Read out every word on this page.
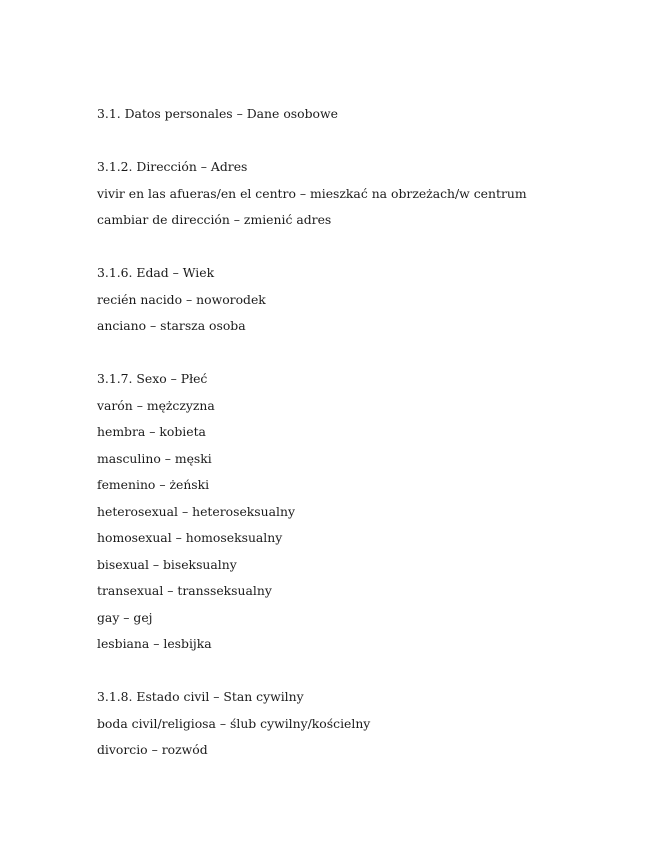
3.1. Datos personales – Dane osobowe
3.1.2. Dirección – Adres
vivir en las afueras/en el centro – mieszkać na obrzeżach/w centrum
cambiar de dirección – zmienić adres
3.1.6. Edad – Wiek
recién nacido – noworodek
anciano – starsza osoba
3.1.7. Sexo – Płeć
varón – mężczyzna
hembra – kobieta
masculino – męski
femenino – żeński
heterosexual – heteroseksualny
homosexual – homoseksualny
bisexual – biseksualny
transexual – transseksualny
gay – gej
lesbiana – lesbijka
3.1.8. Estado civil – Stan cywilny
boda civil/religiosa – ślub cywilny/kościelny
divorcio – rozwód
